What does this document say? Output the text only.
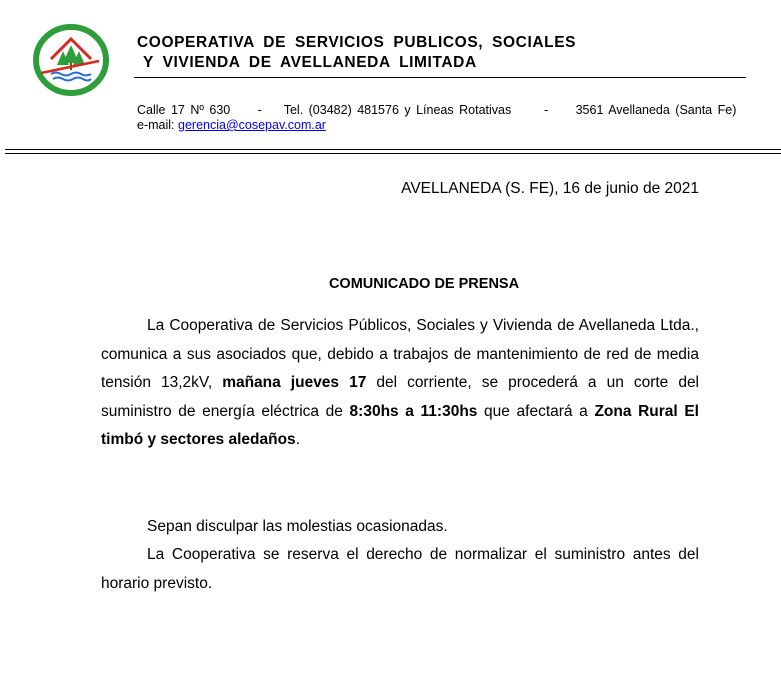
COOPERATIVA DE SERVICIOS PUBLICOS, SOCIALES
Y VIVIENDA DE AVELLANEDA LIMITADA
Calle 17 Nº 630 - Tel. (03482) 481576 y Líneas Rotativas	- 3561 Avellaneda (Santa Fe)
e-mail: gerencia@cosepav.com.ar
AVELLANEDA (S. FE), 16 de junio de 2021
COMUNICADO DE PRENSA
La Cooperativa de Servicios Públicos, Sociales y Vivienda de Avellaneda Ltda., comunica a sus asociados que, debido a trabajos de mantenimiento de red de media tensión 13,2kV, mañana jueves 17 del corriente, se procederá a un corte del suministro de energía eléctrica de 8:30hs a 11:30hs que afectará a Zona Rural El timbó y sectores aledaños.
Sepan disculpar las molestias ocasionadas.
La Cooperativa se reserva el derecho de normalizar el suministro antes del horario previsto.
